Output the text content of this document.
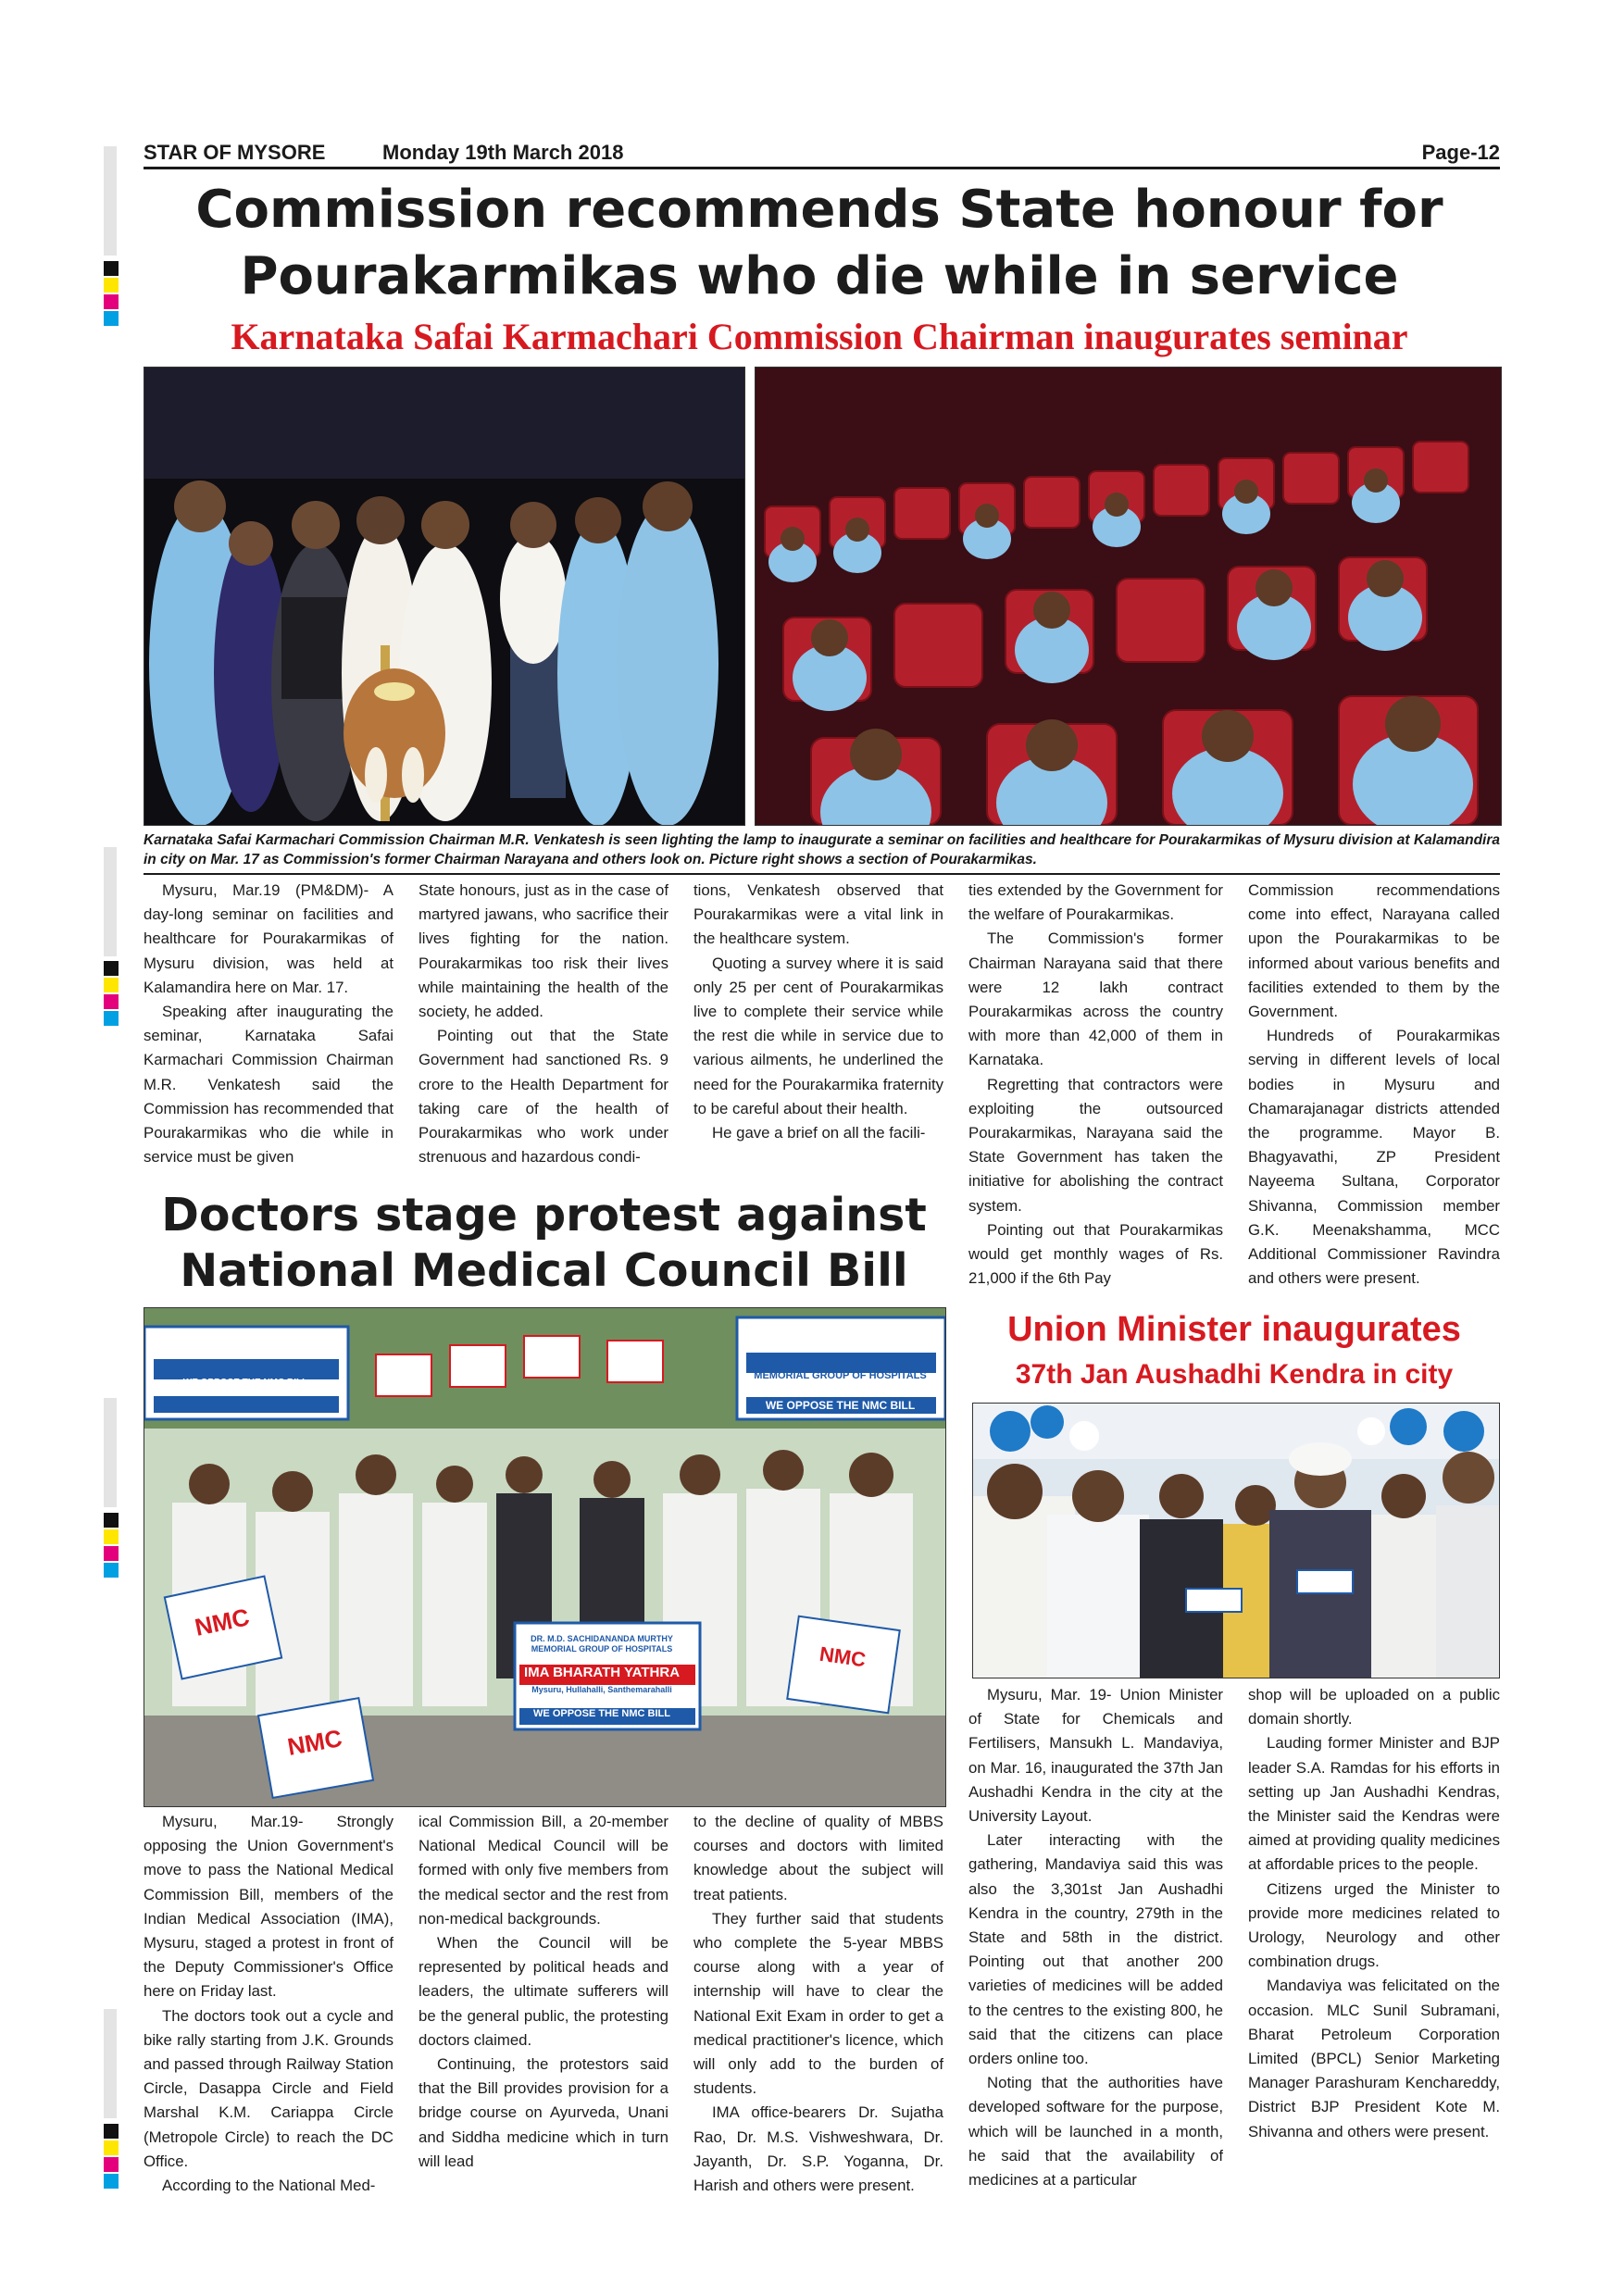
STAR OF MYSORE	Monday 19th March 2018	Page-12
Commission recommends State honour for
Pourakarmikas who die while in service
Karnataka Safai Karmachari Commission Chairman inaugurates seminar
Karnataka Safai Karmachari Commission Chairman M.R. Venkatesh is seen lighting the lamp to inaugurate a seminar on facilities and healthcare for Pourakarmikas of Mysuru division at Kalamandira in city on Mar. 17 as Commission's former Chairman Narayana and others look on. Picture right shows a section of Pourakarmikas.

Mysuru, Mar.19 (PM&DM)- A day-long seminar on facilities and healthcare for Pourakarmikas of Mysuru division, was held at Kalamandira here on Mar. 17.

Speaking after inaugurating the seminar, Karnataka Safai Karmachari Commission Chairman M.R. Venkatesh said the Commission has recommended that Pourakarmikas who die while in service must be given

State honours, just as in the case of martyred jawans, who sacrifice their lives fighting for the nation. Pourakarmikas too risk their lives while maintaining the health of the society, he added.

Pointing out that the State Government had sanctioned Rs. 9 crore to the Health Department for taking care of the health of Pourakarmikas who work under strenuous and hazardous condi-

tions, Venkatesh observed that Pourakarmikas were a vital link in the healthcare system.

Quoting a survey where it is said only 25 per cent of Pourakarmikas live to complete their service while the rest die while in service due to various ailments, he underlined the need for the Pourakarmika fraternity to be careful about their health.

He gave a brief on all the facili-

ties extended by the Government for the welfare of Pourakarmikas.

The Commission's former Chairman Narayana said that there were 12 lakh contract Pourakarmikas across the country with more than 42,000 of them in Karnataka.

Regretting that contractors were exploiting the outsourced Pourakarmikas, Narayana said the State Government has taken the initiative for abolishing the contract system.

Pointing out that Pourakarmikas would get monthly wages of Rs. 21,000 if the 6th Pay

Commission recommendations come into effect, Narayana called upon the Pourakarmikas to be informed about various benefits and facilities extended to them by the Government.

Hundreds of Pourakarmikas serving in different levels of local bodies in Mysuru and Chamarajanagar districts attended the programme. Mayor B. Bhagyavathi, ZP President Nayeema Sultana, Corporator Shivanna, Commission member G.K. Meenakshamma, MCC Additional Commissioner Ravindra and others were present.

Doctors stage protest against
National Medical Council Bill
IMA BHARATH YATHRA
WE OPPOSE THE NMC BILL
IMA BHARATH YATHRA
DR. M.D. SACHIDANANDA MURTHY
MEMORIAL GROUP OF HOSPITALS
WE OPPOSE THE NMC BILL
IMA BHARATH YATHRA
DR. M.D. SACHIDANANDA MURTHY
MEMORIAL GROUP OF HOSPITALS
Mysuru, Hullahalli, Santhemarahalli
WE OPPOSE THE NMC BILL
NMC
NMC
NMC

Mysuru, Mar.19- Strongly opposing the Union Government's move to pass the National Medical Commission Bill, members of the Indian Medical Association (IMA), Mysuru, staged a protest in front of the Deputy Commissioner's Office here on Friday last.

The doctors took out a cycle and bike rally starting from J.K. Grounds and passed through Railway Station Circle, Dasappa Circle and Field Marshal K.M. Cariappa Circle (Metropole Circle) to reach the DC Office.

According to the National Med-

ical Commission Bill, a 20-member National Medical Council will be formed with only five members from the medical sector and the rest from non-medical backgrounds.

When the Council will be represented by political heads and leaders, the ultimate sufferers will be the general public, the protesting doctors claimed.

Continuing, the protestors said that the Bill provides provision for a bridge course on Ayurveda, Unani and Siddha medicine which in turn will lead

to the decline of quality of MBBS courses and doctors with limited knowledge about the subject will treat patients.

They further said that students who complete the 5-year MBBS course along with a year of internship will have to clear the National Exit Exam in order to get a medical practitioner's licence, which will only add to the burden of students.

IMA office-bearers Dr. Sujatha Rao, Dr. M.S. Vishweshwara, Dr. Jayanth, Dr. S.P. Yoganna, Dr. Harish and others were present.

Union Minister inaugurates
37th Jan Aushadhi Kendra in city

Mysuru, Mar. 19- Union Minister of State for Chemicals and Fertilisers, Mansukh L. Mandaviya, on Mar. 16, inaugurated the 37th Jan Aushadhi Kendra in the city at the University Layout.

Later interacting with the gathering, Mandaviya said this was also the 3,301st Jan Aushadhi Kendra in the country, 279th in the State and 58th in the district. Pointing out that another 200 varieties of medicines will be added to the centres to the existing 800, he said that the citizens can place orders online too.

Noting that the authorities have developed software for the purpose, which will be launched in a month, he said that the availability of medicines at a particular

shop will be uploaded on a public domain shortly.

Lauding former Minister and BJP leader S.A. Ramdas for his efforts in setting up Jan Aushadhi Kendras, the Minister said the Kendras were aimed at providing quality medicines at affordable prices to the people.

Citizens urged the Minister to provide more medicines related to Urology, Neurology and other combination drugs.

Mandaviya was felicitated on the occasion. MLC Sunil Subramani, Bharat Petroleum Corporation Limited (BPCL) Senior Marketing Manager Parashuram Kenchareddy, District BJP President Kote M. Shivanna and others were present.
